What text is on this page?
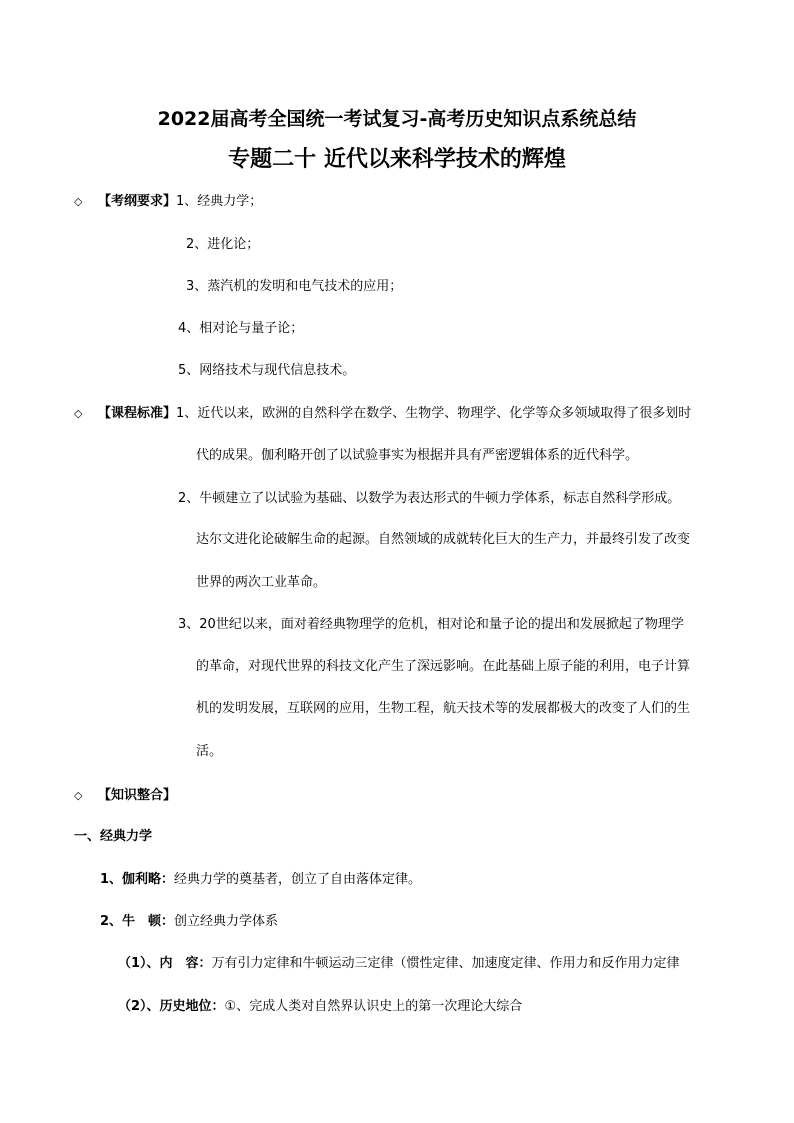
2022届高考全国统一考试复习-高考历史知识点系统总结
专题二十 近代以来科学技术的辉煌
◇ 【考纲要求】1、经典力学；
2、进化论；
3、蒸汽机的发明和电气技术的应用；
4、相对论与量子论；
5、网络技术与现代信息技术。
◇ 【课程标准】1、近代以来，欧洲的自然科学在数学、生物学、物理学、化学等众多领域取得了很多划时
代的成果。伽利略开创了以试验事实为根据并具有严密逻辑体系的近代科学。
2、牛顿建立了以试验为基础、以数学为表达形式的牛顿力学体系，标志自然科学形成。
达尔文进化论破解生命的起源。自然领域的成就转化巨大的生产力，并最终引发了改变
世界的两次工业革命。
3、20世纪以来，面对着经典物理学的危机，相对论和量子论的提出和发展掀起了物理学
的革命，对现代世界的科技文化产生了深远影响。在此基础上原子能的利用，电子计算
机的发明发展，互联网的应用，生物工程，航天技术等的发展都极大的改变了人们的生
活。
◇ 【知识整合】
一、经典力学
1、伽利略：经典力学的奠基者，创立了自由落体定律。
2、牛　顿：创立经典力学体系
（1）、内　容：万有引力定律和牛顿运动三定律（惯性定律、加速度定律、作用力和反作用力定律
（2）、历史地位：①、完成人类对自然界认识史上的第一次理论大综合
